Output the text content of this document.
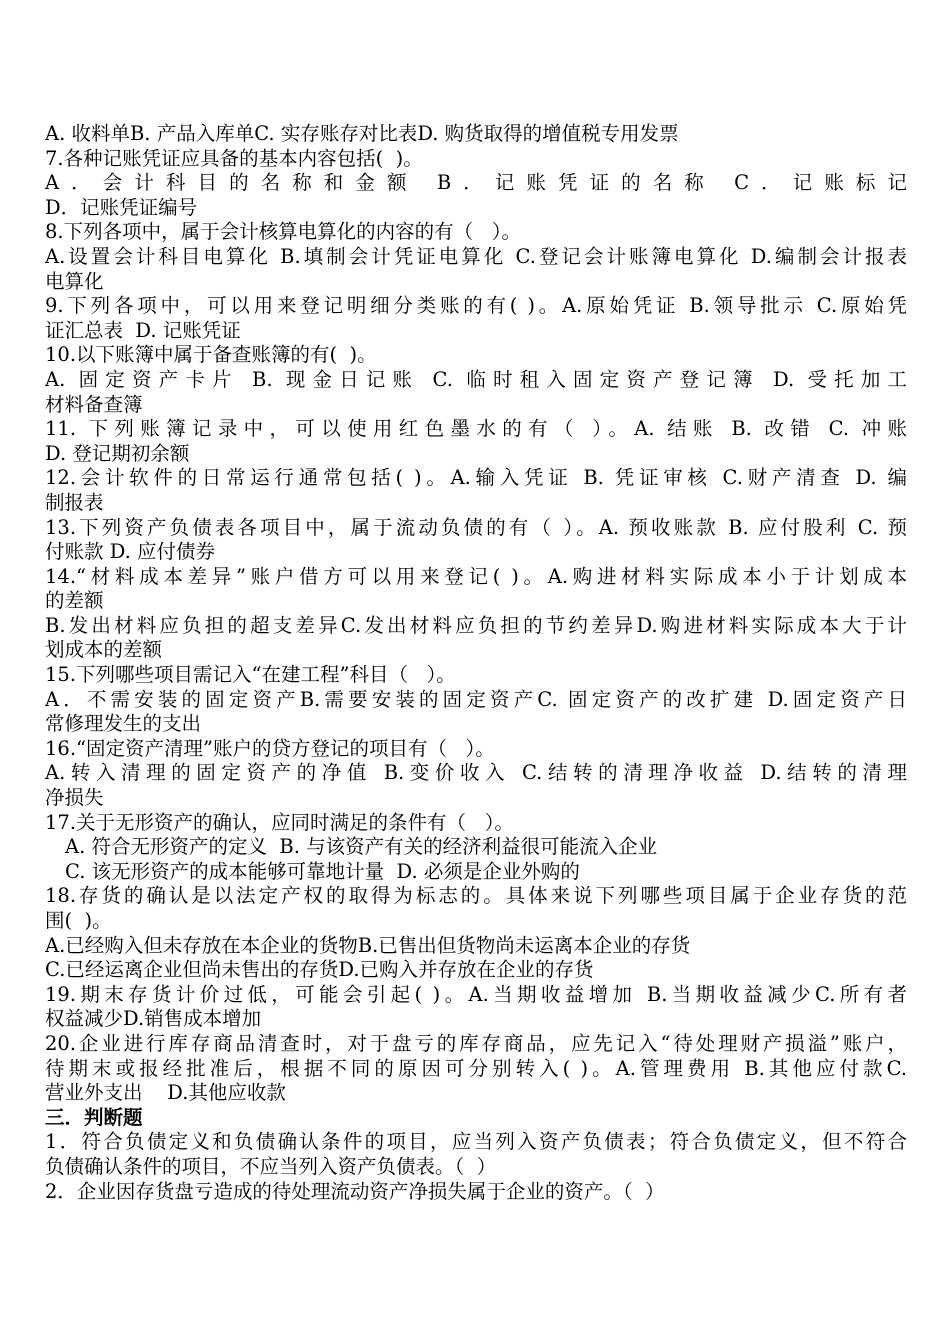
A. 收料单B. 产品入库单C. 实存账存对比表D. 购货取得的增值税专用发票
7.各种记账凭证应具备的基本内容包括(  )。
A．会计科目的名称和金额 B．记账凭证的名称 C．记账标记
D．记账凭证编号
8.下列各项中，属于会计核算电算化的内容的有（   ）。
A.设置会计科目电算化 B.填制会计凭证电算化 C.登记会计账簿电算化 D.编制会计报表
电算化
9.下列各项中，可以用来登记明细分类账的有( )。A.原始凭证 B.领导批示 C.原始凭
证汇总表  D. 记账凭证
10.以下账簿中属于备查账簿的有(  )。
A. 固定资产卡片 B. 现金日记账 C. 临时租入固定资产登记簿 D. 受托加工
材料备查簿
11. 下列账簿记录中，可以使用红色墨水的有（ ）。A. 结账 B. 改错 C. 冲账
D. 登记期初余额
12.会计软件的日常运行通常包括( )。A.输入凭证 B. 凭证审核 C.财产清查 D. 编
制报表
13.下列资产负债表各项目中，属于流动负债的有（ ）。A. 预收账款 B. 应付股利 C. 预
付账款 D. 应付债券
14.“材料成本差异”账户借方可以用来登记( )。A.购进材料实际成本小于计划成本
的差额
B.发出材料应负担的超支差异C.发出材料应负担的节约差异D.购进材料实际成本大于计
划成本的差额
15.下列哪些项目需记入“在建工程”科目（   ）。
A．不需安装的固定资产B.需要安装的固定资产C. 固定资产的改扩建 D.固定资产日
常修理发生的支出
16.“固定资产清理”账户的贷方登记的项目有（   ）。
A.转入清理的固定资产的净值 B.变价收入 C.结转的清理净收益 D.结转的清理
净损失
17.关于无形资产的确认，应同时满足的条件有（   ）。
A. 符合无形资产的定义  B. 与该资产有关的经济利益很可能流入企业
C. 该无形资产的成本能够可靠地计量  D. 必须是企业外购的
18.存货的确认是以法定产权的取得为标志的。具体来说下列哪些项目属于企业存货的范
围(  )。
A.已经购入但未存放在本企业的货物B.已售出但货物尚未运离本企业的存货
C.已经运离企业但尚未售出的存货D.已购入并存放在企业的存货
19.期末存货计价过低，可能会引起( )。A.当期收益增加 B.当期收益减少C.所有者
权益减少D.销售成本增加
20.企业进行库存商品清查时，对于盘亏的库存商品，应先记入“待处理财产损溢”账户，
待期末或报经批准后，根据不同的原因可分别转入( )。A.管理费用 B.其他应付款C.
营业外支出    D.其他应收款
三．判断题
1．符合负债定义和负债确认条件的项目，应当列入资产负债表；符合负债定义，但不符合
负债确认条件的项目，不应当列入资产负债表。（  ）
2．企业因存货盘亏造成的待处理流动资产净损失属于企业的资产。（  ）
